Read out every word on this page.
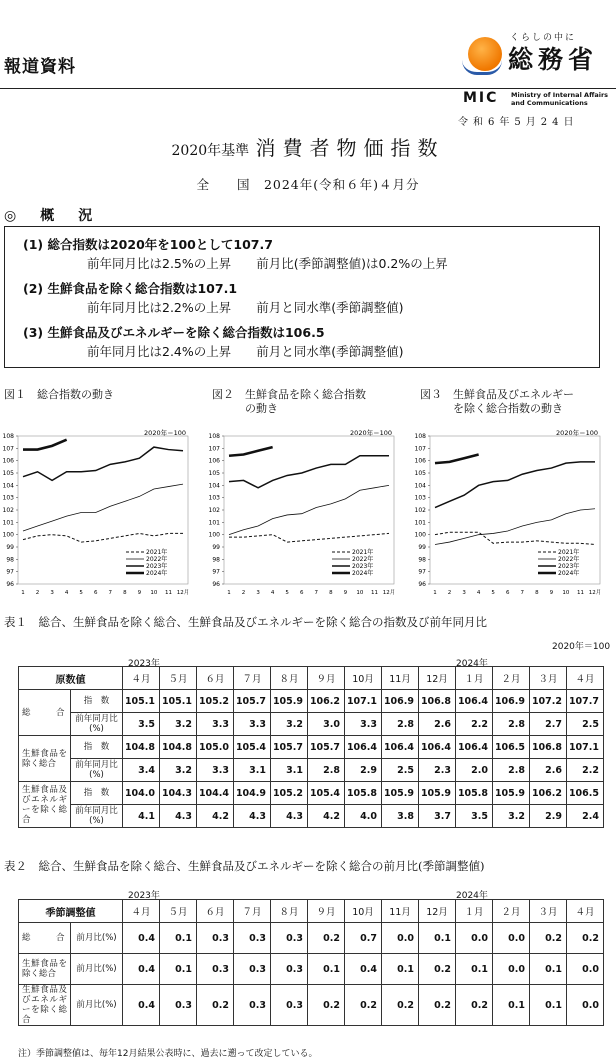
報道資料
くらしの中に
総務省
MIC Ministry of Internal Affairs
and Communications
令和6年5月24日
2020年基準 消費者物価指数
全　　国　2024年(令和６年)４月分
◎　概　況
(1) 総合指数は2020年を100として107.7
前年同月比は2.5%の上昇　　前月比(季節調整値)は0.2%の上昇
(2) 生鮮食品を除く総合指数は107.1
前年同月比は2.2%の上昇　　前月と同水準(季節調整値)
(3) 生鮮食品及びエネルギーを除く総合指数は106.5
前年同月比は2.4%の上昇　　前月と同水準(季節調整値)
図１　総合指数の動き	図２　生鮮食品を除く総合指数
　　　の動き
図３　生鮮食品及びエネルギー
　　　を除く総合指数の動き
2020年＝100
96
97
98
99
100
101
102
103
104
105
106
107
108
1 2 3 4 5 6 7 8 9 10 11 12月
2021年
2022年
2023年
2024年
2020年＝100
96
97
98
99
100
101
102
103
104
105
106
107
108
1 2 3 4 5 6 7 8 9 10 11 12月
2021年
2022年
2023年
2024年
2020年＝100
96
97
98
99
100
101
102
103
104
105
106
107
108
1 2 3 4 5 6 7 8 9 10 11 12月
2021年
2022年
2023年
2024年
表１　総合、生鮮食品を除く総合、生鮮食品及びエネルギーを除く総合の指数及び前年同月比
2020年＝100
2023年	2024年
原数値		４月	５月	６月	７月	８月	９月	10月	11月	12月	１月	２月	３月	４月
総　　　合	指　数	105.1	105.1	105.2	105.7	105.9	106.2	107.1	106.9	106.8	106.4	106.9	107.2	107.7
	前年同月比(%)	3.5	3.2	3.3	3.3	3.2	3.0	3.3	2.8	2.6	2.2	2.8	2.7	2.5
生鮮食品を除く総合	指　数	104.8	104.8	105.0	105.4	105.7	105.7	106.4	106.4	106.4	106.4	106.5	106.8	107.1
	前年同月比(%)	3.4	3.2	3.3	3.1	3.1	2.8	2.9	2.5	2.3	2.0	2.8	2.6	2.2
生鮮食品及びエネルギーを除く総合	指　数	104.0	104.3	104.4	104.9	105.2	105.4	105.8	105.9	105.9	105.8	105.9	106.2	106.5
	前年同月比(%)	4.1	4.3	4.2	4.3	4.3	4.2	4.0	3.8	3.7	3.5	3.2	2.9	2.4
表２　総合、生鮮食品を除く総合、生鮮食品及びエネルギーを除く総合の前月比(季節調整値)
2023年	2024年
季節調整値		４月	５月	６月	７月	８月	９月	10月	11月	12月	１月	２月	３月	４月
総　　　合	前月比(%)	0.4	0.1	0.3	0.3	0.3	0.2	0.7	0.0	0.1	0.0	0.0	0.2	0.2
生鮮食品を除く総合	前月比(%)	0.4	0.1	0.3	0.3	0.3	0.1	0.4	0.1	0.2	0.1	0.0	0.1	0.0
生鮮食品及びエネルギーを除く総合	前月比(%)	0.4	0.3	0.2	0.3	0.3	0.2	0.2	0.2	0.2	0.2	0.1	0.1	0.0
注）季節調整値は、毎年12月結果公表時に、過去に遡って改定している。
